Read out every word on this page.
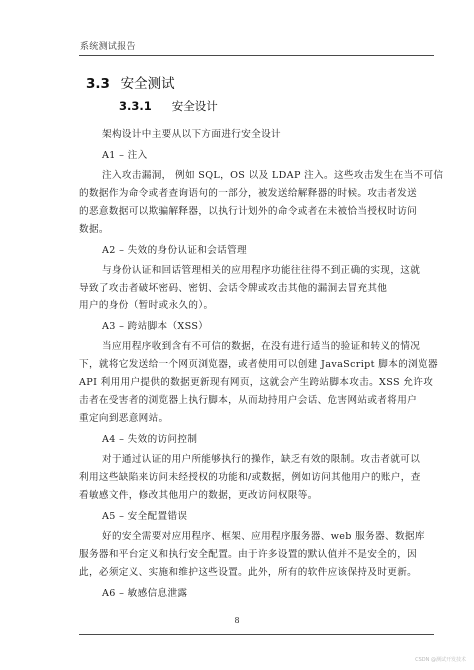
系统测试报告
3.3 安全测试
3.3.1 安全设计
架构设计中主要从以下方面进行安全设计
A1 – 注入
注入攻击漏洞， 例如 SQL，OS 以及 LDAP 注入。这些攻击发生在当不可信
的数据作为命令或者查询语句的一部分，被发送给解释器的时候。攻击者发送
的恶意数据可以欺骗解释器，以执行计划外的命令或者在未被恰当授权时访问
数据。
A2 – 失效的身份认证和会话管理
与身份认证和回话管理相关的应用程序功能往往得不到正确的实现，这就
导致了攻击者破坏密码、密钥、会话令牌或攻击其他的漏洞去冒充其他
用户的身份（暂时或永久的）。
A3 – 跨站脚本（XSS）
当应用程序收到含有不可信的数据，在没有进行适当的验证和转义的情况
下，就将它发送给一个网页浏览器，或者使用可以创建 JavaScript 脚本的浏览器
API 利用用户提供的数据更新现有网页，这就会产生跨站脚本攻击。XSS 允许攻
击者在受害者的浏览器上执行脚本，从而劫持用户会话、危害网站或者将用户
重定向到恶意网站。
A4 – 失效的访问控制
对于通过认证的用户所能够执行的操作，缺乏有效的限制。攻击者就可以
利用这些缺陷来访问未经授权的功能和/或数据，例如访问其他用户的账户，查
看敏感文件，修改其他用户的数据，更改访问权限等。
A5 – 安全配置错误
好的安全需要对应用程序、框架、应用程序服务器、web 服务器、数据库
服务器和平台定义和执行安全配置。由于许多设置的默认值并不是安全的，因
此，必须定义、实施和维护这些设置。此外，所有的软件应该保持及时更新。
A6 – 敏感信息泄露
8
CSDN @测试开发技术
